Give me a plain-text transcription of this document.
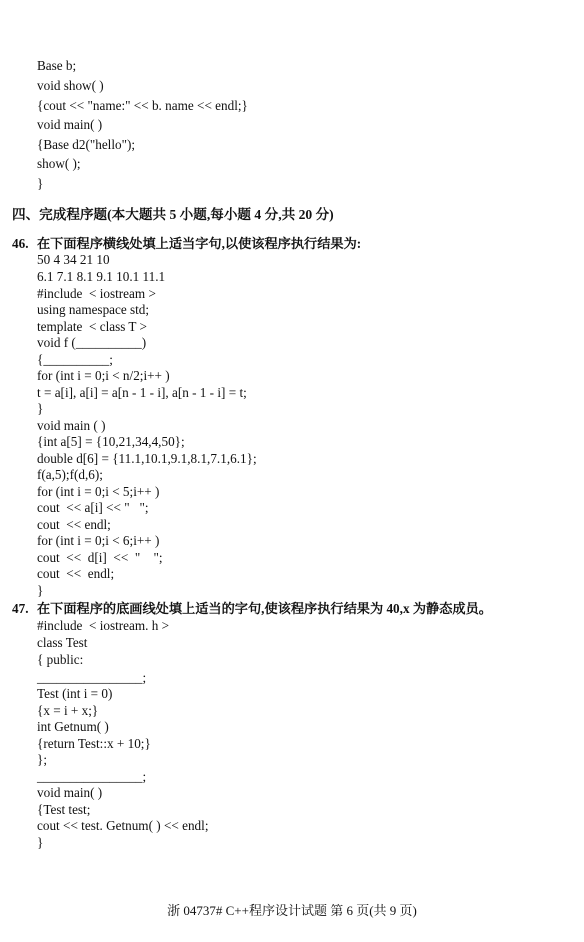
Base b;
void show( )
{cout << "name:" << b. name << endl;}
void main( )
{Base d2("hello");
show( );
}
四、完成程序题(本大题共 5 小题,每小题 4 分,共 20 分)
46. 在下面程序横线处填上适当字句,以使该程序执行结果为:
50 4 34 21 10
6.1 7.1 8.1 9.1 10.1 11.1
#include  < iostream >
using namespace std;
template  < class T >
void f (__________)
{__________;
for (int i = 0;i < n/2;i++ )
t = a[i], a[i] = a[n - 1 - i], a[n - 1 - i] = t;
}
void main ( )
{int a[5] = {10,21,34,4,50};
double d[6] = {11.1,10.1,9.1,8.1,7.1,6.1};
f(a,5);f(d,6);
for (int i = 0;i < 5;i++ )
cout  << a[i] << "   ";
cout  << endl;
for (int i = 0;i < 6;i++ )
cout  <<  d[i]  <<  "    ";
cout  <<  endl;
}
47. 在下面程序的底画线处填上适当的字句,使该程序执行结果为 40,x 为静态成员。
#include  < iostream. h >
class Test
{ public:
________________;
Test (int i = 0)
{x = i + x;}
int Getnum( )
{return Test::x + 10;}
};
________________;
void main( )
{Test test;
cout << test. Getnum( ) << endl;
}
浙 04737# C++程序设计试题 第 6 页(共 9 页)
